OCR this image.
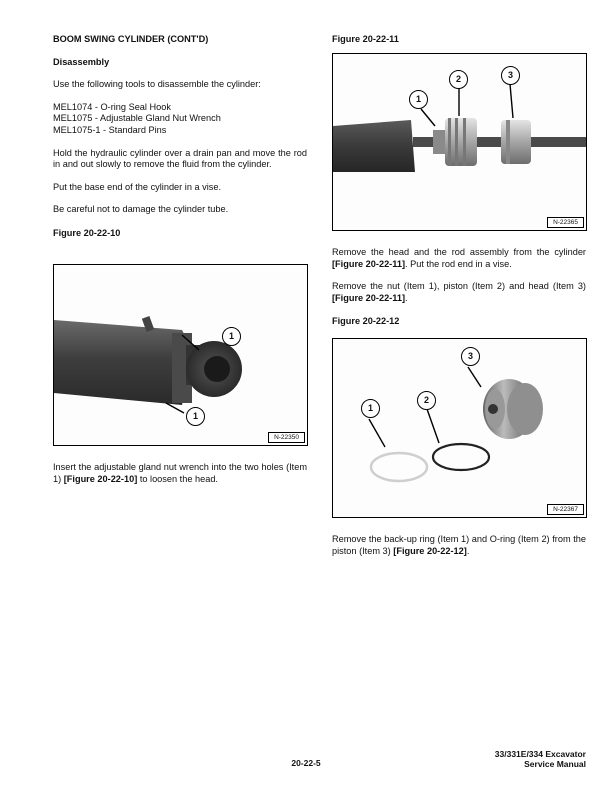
BOOM SWING CYLINDER (CONT'D)

Disassembly

Use the following tools to disassemble the cylinder:

MEL1074 - O-ring Seal Hook

MEL1075 - Adjustable Gland Nut Wrench

MEL1075-1 - Standard Pins

Hold the hydraulic cylinder over a drain pan and move the rod in and out slowly to remove the fluid from the cylinder.

Put the base end of the cylinder in a vise.

Be careful not to damage the cylinder tube.

Figure 20-22-10

1
1
N-22350

Insert the adjustable gland nut wrench into the two holes (Item 1) [Figure 20-22-10] to loosen the head.

Figure 20-22-11

1
2	3
N-22365

Remove the head and the rod assembly from the cylinder [Figure 20-22-11]. Put the rod end in a vise.

Remove the nut (Item 1), piston (Item 2) and head (Item 3) [Figure 20-22-11].

Figure 20-22-12

1
2
3
N-22367

Remove the back-up ring (Item 1) and O-ring (Item 2) from the piston (Item 3) [Figure 20-22-12].

20-22-5
33/331E/334 Excavator
Service Manual
